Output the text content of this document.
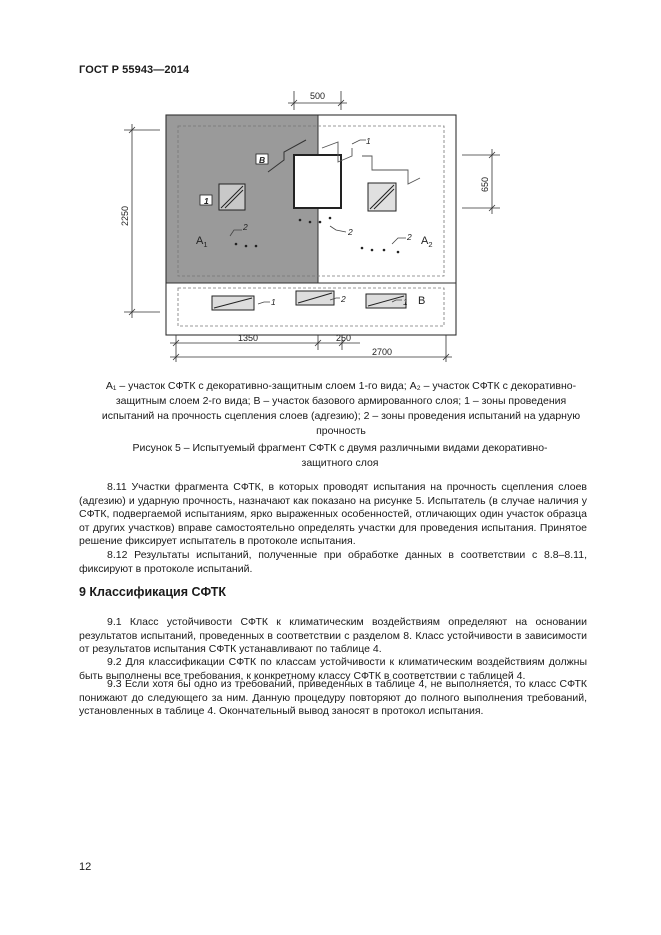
ГОСТ Р 55943—2014
B
1
1
2	2	2
1	2	1
$A_1$	$A_2$
B
500
2250
650
1350	250
2700
A₁ – участок СФТК с декоративно-защитным слоем 1-го вида; A₂ – участок СФТК с декоративно-защитным слоем 2-го вида; B – участок базового армированного слоя; 1 – зоны проведения испытаний на прочность сцепления слоев (адгезию); 2 – зоны проведения испытаний на ударную прочность
Рисунок 5 – Испытуемый фрагмент СФТК с двумя различными видами декоративно-защитного слоя
8.11 Участки фрагмента СФТК, в которых проводят испытания на прочность сцепления слоев (адгезию) и ударную прочность, назначают как показано на рисунке 5. Испытатель (в случае наличия у СФТК, подвергаемой испытаниям, ярко выраженных особенностей, отличающих один участок образца от других участков) вправе самостоятельно определять участки для проведения испытания. Принятое решение фиксирует испытатель в протоколе испытания.
8.12 Результаты испытаний, полученные при обработке данных в соответствии с 8.8–8.11, фиксируют в протоколе испытаний.
9 Классификация СФТК
9.1 Класс устойчивости СФТК к климатическим воздействиям определяют на основании результатов испытаний, проведенных в соответствии с разделом 8. Класс устойчивости в зависимости от результатов испытания СФТК устанавливают по таблице 4.
9.2 Для классификации СФТК по классам устойчивости к климатическим воздействиям должны быть выполнены все требования, к конкретному классу СФТК в соответствии с таблицей 4.
9.3 Если хотя бы одно из требований, приведенных в таблице 4, не выполняется, то класс СФТК понижают до следующего за ним. Данную процедуру повторяют до полного выполнения требований, установленных в таблице 4. Окончательный вывод заносят в протокол испытания.
12
